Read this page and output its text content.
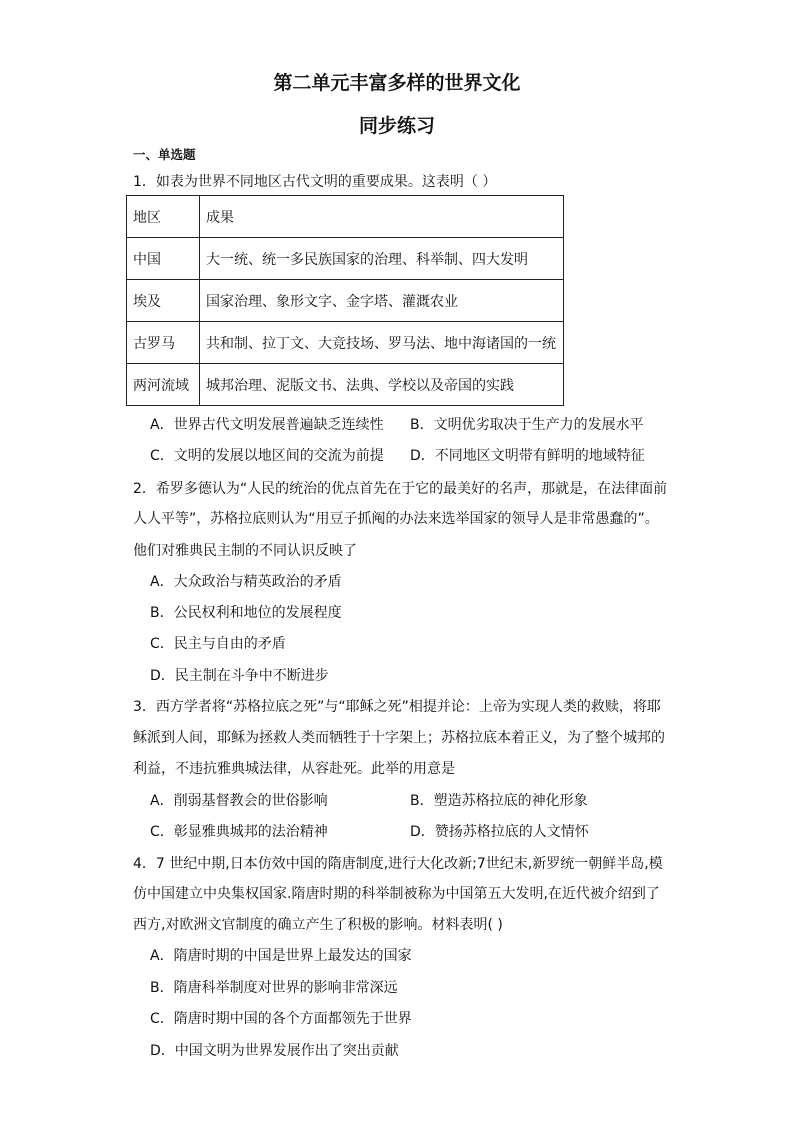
第二单元丰富多样的世界文化
同步练习
一、单选题
1．如表为世界不同地区古代文明的重要成果。这表明（ ）
地区	成果
中国	大一统、统一多民族国家的治理、科举制、四大发明
埃及	国家治理、象形文字、金字塔、灌溉农业
古罗马	共和制、拉丁文、大竞技场、罗马法、地中海诸国的一统
两河流域	城邦治理、泥版文书、法典、学校以及帝国的实践
A．世界古代文明发展普遍缺乏连续性 B．文明优劣取决于生产力的发展水平
C．文明的发展以地区间的交流为前提 D．不同地区文明带有鲜明的地域特征
2．希罗多德认为“人民的统治的优点首先在于它的最美好的名声，那就是，在法律面前
人人平等”，苏格拉底则认为“用豆子抓阄的办法来选举国家的领导人是非常愚蠢的”。
他们对雅典民主制的不同认识反映了
A．大众政治与精英政治的矛盾
B．公民权利和地位的发展程度
C．民主与自由的矛盾
D．民主制在斗争中不断进步
3．西方学者将“苏格拉底之死”与“耶稣之死”相提并论：上帝为实现人类的救赎，将耶
稣派到人间，耶稣为拯救人类而牺牲于十字架上；苏格拉底本着正义，为了整个城邦的
利益，不违抗雅典城法律，从容赴死。此举的用意是
A．削弱基督教会的世俗影响	B．塑造苏格拉底的神化形象
C．彰显雅典城邦的法治精神	D．赞扬苏格拉底的人文情怀
4．7 世纪中期,日本仿效中国的隋唐制度,进行大化改新;7世纪末,新罗统一朝鲜半岛,模
仿中国建立中央集权国家.隋唐时期的科举制被称为中国第五大发明,在近代被介绍到了
西方,对欧洲文官制度的确立产生了积极的影响。材料表明( )
A．隋唐时期的中国是世界上最发达的国家
B．隋唐科举制度对世界的影响非常深远
C．隋唐时期中国的各个方面都领先于世界
D．中国文明为世界发展作出了突出贡献
